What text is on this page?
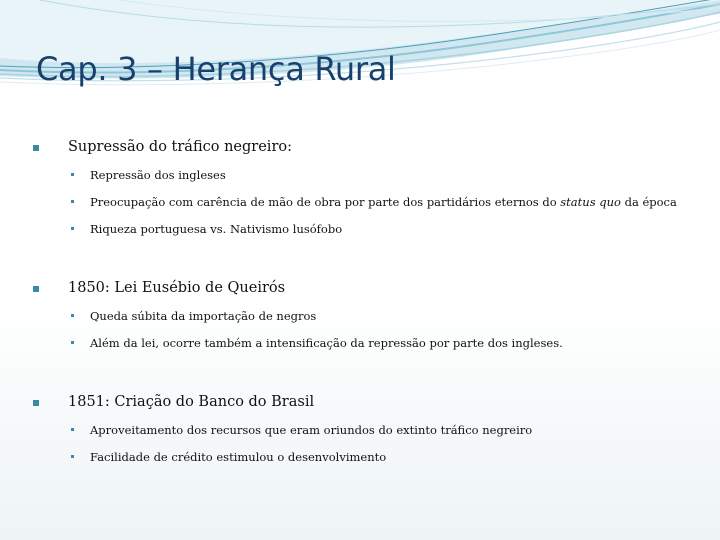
Cap. 3 – Herança Rural
Supressão do tráfico negreiro:
Repressão dos ingleses
Preocupação com carência de mão de obra por parte dos partidários eternos do status quo da época
Riqueza portuguesa vs. Nativismo lusófobo
1850: Lei Eusébio de Queirós
Queda súbita da importação de negros
Além da lei, ocorre também a intensificação da repressão por parte dos ingleses.
1851: Criação do Banco do Brasil
Aproveitamento dos recursos que eram oriundos do extinto tráfico negreiro
Facilidade de crédito estimulou o desenvolvimento
